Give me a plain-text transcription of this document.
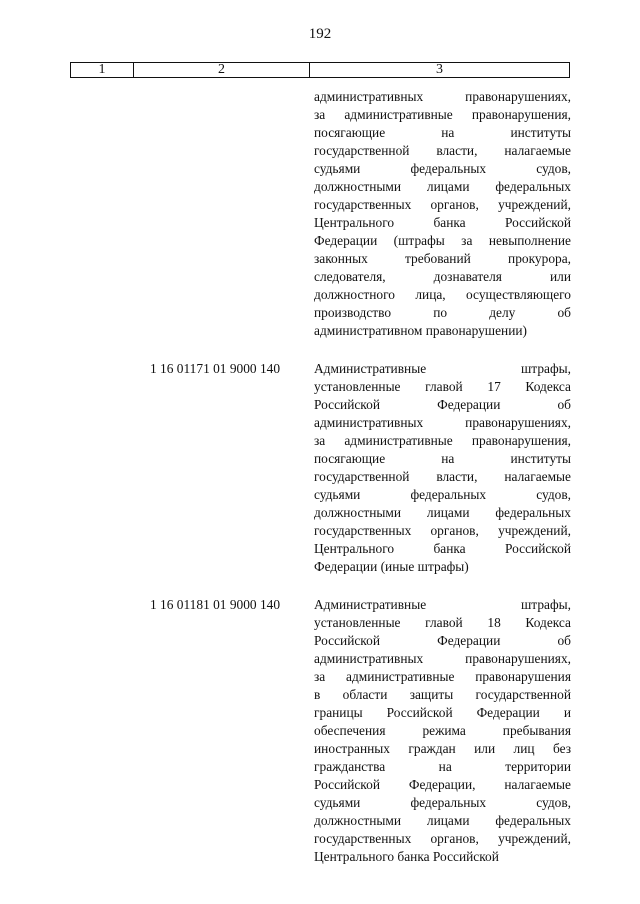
192
1	2	3
административных правонарушениях,
за административные правонарушения,
посягающие на институты
государственной власти, налагаемые
судьями федеральных судов,
должностными лицами федеральных
государственных органов, учреждений,
Центрального банка Российской
Федерации (штрафы за невыполнение
законных требований прокурора,
следователя, дознавателя или
должностного лица, осуществляющего
производство по делу об
административном правонарушении)
1 16 01171 01 9000 140	Административные штрафы,
установленные главой 17 Кодекса
Российской Федерации об
административных правонарушениях,
за административные правонарушения,
посягающие на институты
государственной власти, налагаемые
судьями федеральных судов,
должностными лицами федеральных
государственных органов, учреждений,
Центрального банка Российской
Федерации (иные штрафы)
1 16 01181 01 9000 140	Административные штрафы,
установленные главой 18 Кодекса
Российской Федерации об
административных правонарушениях,
за административные правонарушения
в области защиты государственной
границы Российской Федерации и
обеспечения режима пребывания
иностранных граждан или лиц без
гражданства на территории
Российской Федерации, налагаемые
судьями федеральных судов,
должностными лицами федеральных
государственных органов, учреждений,
Центрального банка Российской
